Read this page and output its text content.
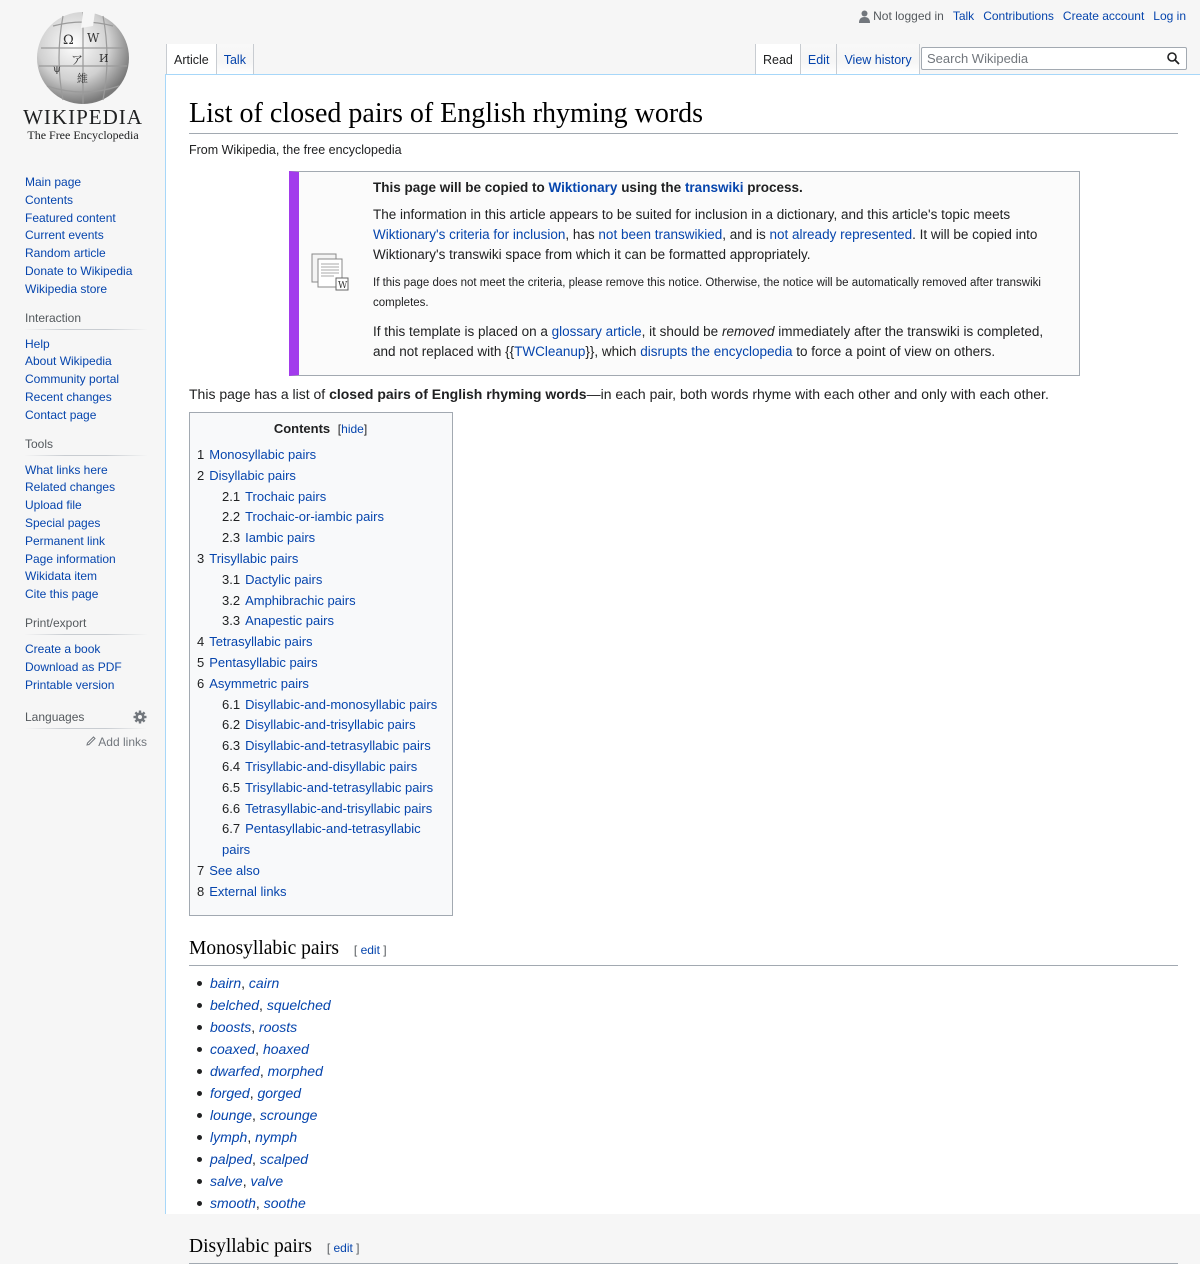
Ω W
И
ア
維
ψ
WIKIPEDIA
The Free Encyclopedia
Not logged in Talk Contributions Create account Log in
Article	Talk	Read	Edit	View history
Search Wikipedia
Main page
Contents
Featured content
Current events
Random article
Donate to Wikipedia
Wikipedia store
Interaction
Help
About Wikipedia
Community portal
Recent changes
Contact page
Tools
What links here
Related changes
Upload file
Special pages
Permanent link
Page information
Wikidata item
Cite this page
Print/export
Create a book
Download as PDF
Printable version
Languages
Add links
List of closed pairs of English rhyming words
From Wikipedia, the free encyclopedia
W

This page will be copied to Wiktionary using the transwiki process.

The information in this article appears to be suited for inclusion in a dictionary, and this article's topic meets Wiktionary's criteria for inclusion, has not been transwikied, and is not already represented. It will be copied into Wiktionary's transwiki space from which it can be formatted appropriately.

If this page does not meet the criteria, please remove this notice. Otherwise, the notice will be automatically removed after transwiki completes.

If this template is placed on a glossary article, it should be removed immediately after the transwiki is completed, and not replaced with {{TWCleanup}}, which disrupts the encyclopedia to force a point of view on others.

This page has a list of closed pairs of English rhyming words—in each pair, both words rhyme with each other and only with each other.

Contents [hide]
1 Monosyllabic pairs
2 Disyllabic pairs
2.1 Trochaic pairs
2.2 Trochaic-or-iambic pairs
2.3 Iambic pairs
3 Trisyllabic pairs
3.1 Dactylic pairs
3.2 Amphibrachic pairs
3.3 Anapestic pairs
4 Tetrasyllabic pairs
5 Pentasyllabic pairs
6 Asymmetric pairs
6.1 Disyllabic-and-monosyllabic pairs
6.2 Disyllabic-and-trisyllabic pairs
6.3 Disyllabic-and-tetrasyllabic pairs
6.4 Trisyllabic-and-disyllabic pairs
6.5 Trisyllabic-and-tetrasyllabic pairs
6.6 Tetrasyllabic-and-trisyllabic pairs
6.7 Pentasyllabic-and-tetrasyllabic pairs
7 See also
8 External links
Monosyllabic pairs [ edit ]
bairn, cairn
belched, squelched
boosts, roosts
coaxed, hoaxed
dwarfed, morphed
forged, gorged
lounge, scrounge
lymph, nymph
palped, scalped
salve, valve
smooth, soothe
Disyllabic pairs [ edit ]
